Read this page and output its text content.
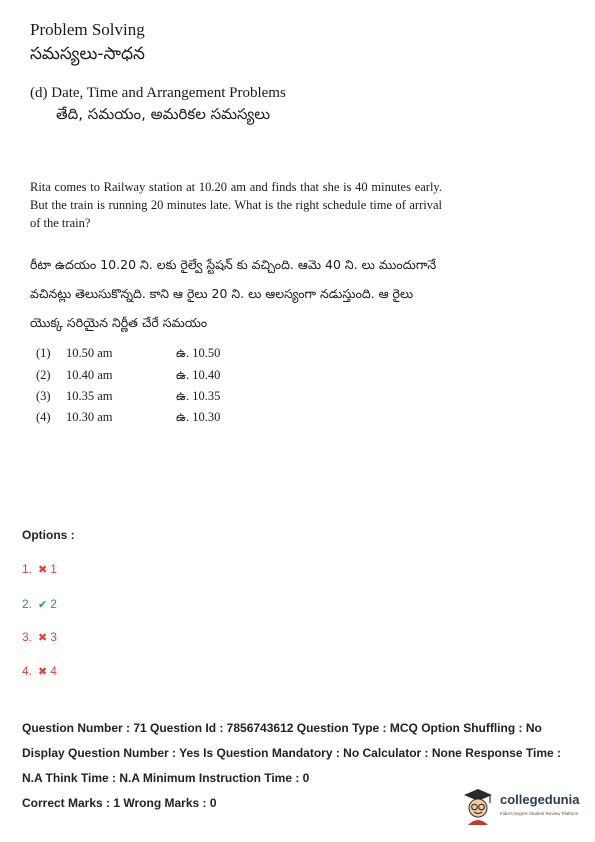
Problem Solving
సమస్యలు-సాధన
(d) Date, Time and Arrangement Problems
తేది, సమయం, అమరికల సమస్యలు
Rita comes to Railway station at 10.20 am and finds that she is 40 minutes early. But the train is running 20 minutes late. What is the right schedule time of arrival of the train?
రీటా ఉదయం 10.20 ని. లకు రైల్వే స్టేషన్ కు వచ్చింది. ఆమె 40 ని. లు ముందుగానే వచినట్లు తెలుసుకొన్నది. కాని ఆ రైలు 20 ని. లు ఆలస్యంగా నడుస్తుంది. ఆ రైలు యొక్క సరియైన నిర్ణీత చేరే సమయం
(1) 10.50 am	ఉ. 10.50
(2) 10.40 am	ఉ. 10.40
(3) 10.35 am	ఉ. 10.35
(4) 10.30 am	ఉ. 10.30
Options :
1. ✖ 1
2. ✔ 2
3. ✖ 3
4. ✖ 4
Question Number : 71 Question Id : 7856743612 Question Type : MCQ Option Shuffling : No Display Question Number : Yes Is Question Mandatory : No Calculator : None Response Time : N.A Think Time : N.A Minimum Instruction Time : 0
Correct Marks : 1 Wrong Marks : 0	collegedunia
India's largest Student Review Platform
